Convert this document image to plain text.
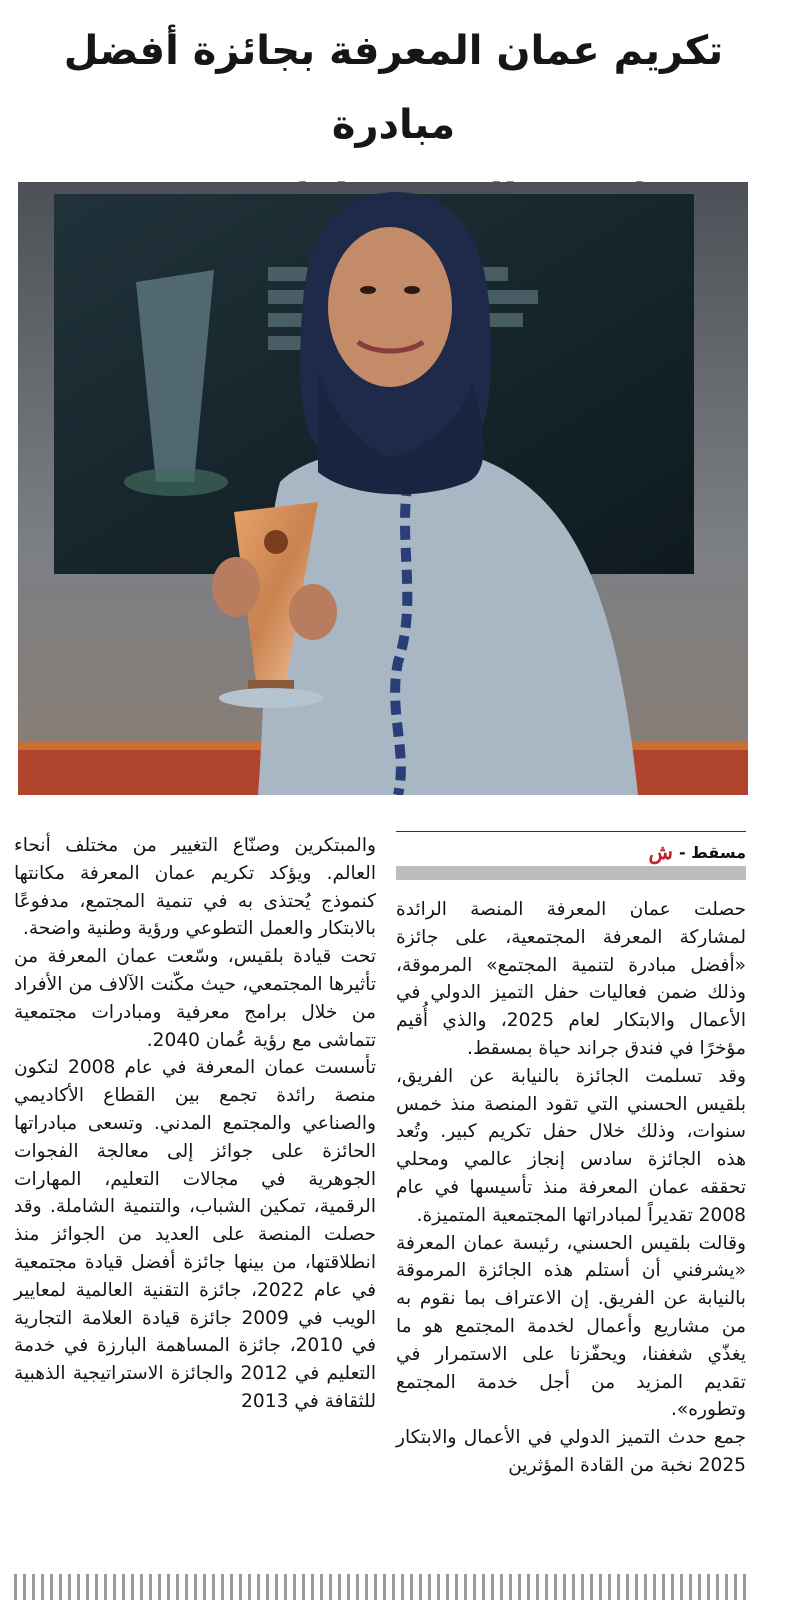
تكريم عمان المعرفة بجائزة أفضل مبادرة
مسقط -
ش

حصلت عمان المعرفة المنصة الرائدة لمشاركة المعرفة المجتمعية، على جائزة «أفضل مبادرة لتنمية المجتمع» المرموقة، وذلك ضمن فعاليات حفل التميز الدولي في الأعمال والابتكار لعام 2025، والذي أُقيم مؤخرًا في فندق جراند حياة بمسقط.

وقد تسلمت الجائزة بالنيابة عن الفريق، بلقيس الحسني التي تقود المنصة منذ خمس سنوات، وذلك خلال حفل تكريم كبير. وتُعد هذه الجائزة سادس إنجاز عالمي ومحلي تحققه عمان المعرفة منذ تأسيسها في عام 2008 تقديراً لمبادراتها المجتمعية المتميزة.

وقالت بلقيس الحسني، رئيسة عمان المعرفة «يشرفني أن أستلم هذه الجائزة المرموقة بالنيابة عن الفريق. إن الاعتراف بما نقوم به من مشاريع وأعمال لخدمة المجتمع هو ما يغذّي شغفنا، ويحفّزنا على الاستمرار في تقديم المزيد من أجل خدمة المجتمع وتطوره».

جمع حدث التميز الدولي في الأعمال والابتكار 2025 نخبة من القادة المؤثرين

والمبتكرين وصنّاع التغيير من مختلف أنحاء العالم. ويؤكد تكريم عمان المعرفة مكانتها كنموذج يُحتذى به في تنمية المجتمع، مدفوعًا بالابتكار والعمل التطوعي ورؤية وطنية واضحة.

تحت قيادة بلقيس، وسّعت عمان المعرفة من تأثيرها المجتمعي، حيث مكّنت الآلاف من الأفراد من خلال برامج معرفية ومبادرات مجتمعية تتماشى مع رؤية عُمان 2040.

تأسست عمان المعرفة في عام 2008 لتكون منصة رائدة تجمع بين القطاع الأكاديمي والصناعي والمجتمع المدني. وتسعى مبادراتها الحائزة على جوائز إلى معالجة الفجوات الجوهرية في مجالات التعليم، المهارات الرقمية، تمكين الشباب، والتنمية الشاملة. وقد حصلت المنصة على العديد من الجوائز منذ انطلاقتها، من بينها جائزة أفضل قيادة مجتمعية في عام 2022، جائزة التقنية العالمية لمعايير الويب في 2009 جائزة قيادة العلامة التجارية في 2010، جائزة المساهمة البارزة في خدمة التعليم في 2012 والجائزة الاستراتيجية الذهبية للثقافة في 2013
